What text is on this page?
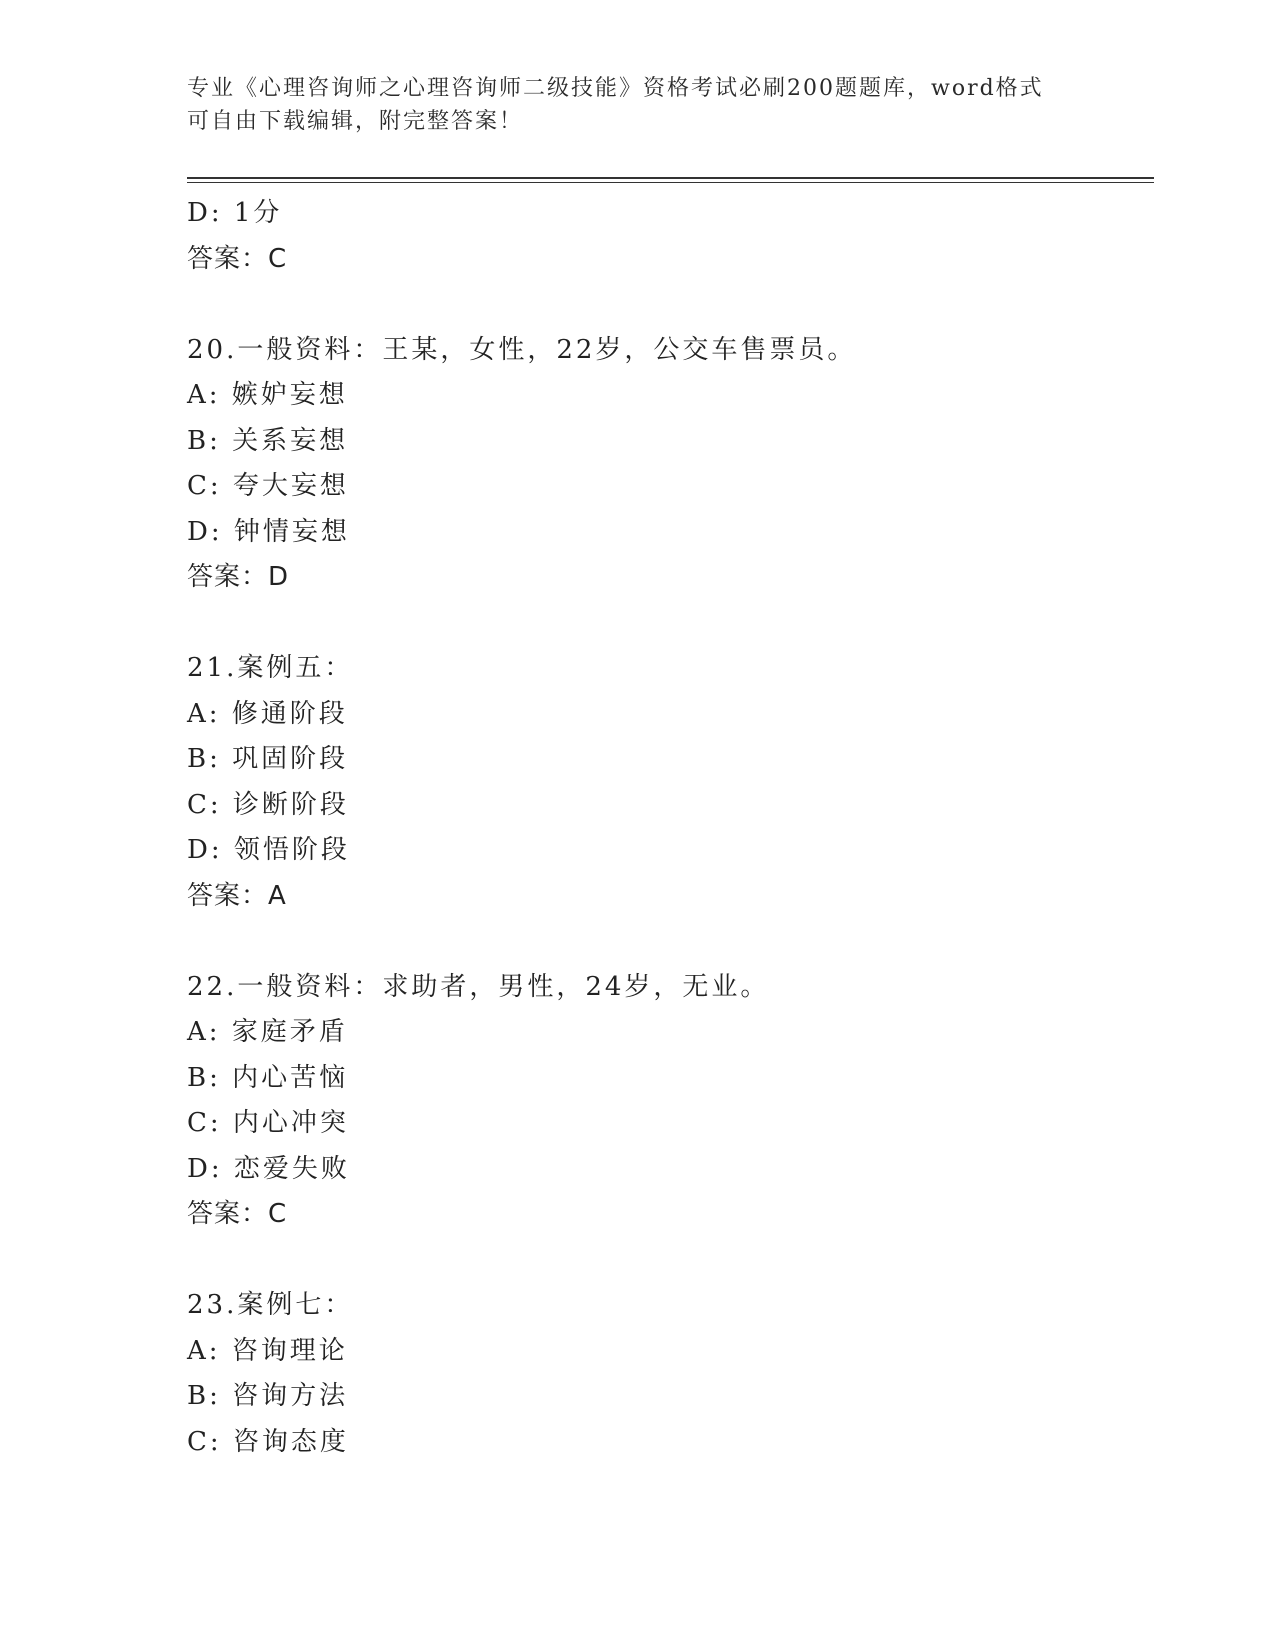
专业《心理咨询师之心理咨询师二级技能》资格考试必刷200题题库，word格式
可自由下载编辑，附完整答案！
D: 1分
答案：C
20.一般资料：王某，女性，22岁，公交车售票员。
A: 嫉妒妄想
B: 关系妄想
C: 夸大妄想
D: 钟情妄想
答案：D
21.案例五：
A: 修通阶段
B: 巩固阶段
C: 诊断阶段
D: 领悟阶段
答案：A
22.一般资料：求助者，男性，24岁，无业。
A: 家庭矛盾
B: 内心苦恼
C: 内心冲突
D: 恋爱失败
答案：C
23.案例七：
A: 咨询理论
B: 咨询方法
C: 咨询态度
